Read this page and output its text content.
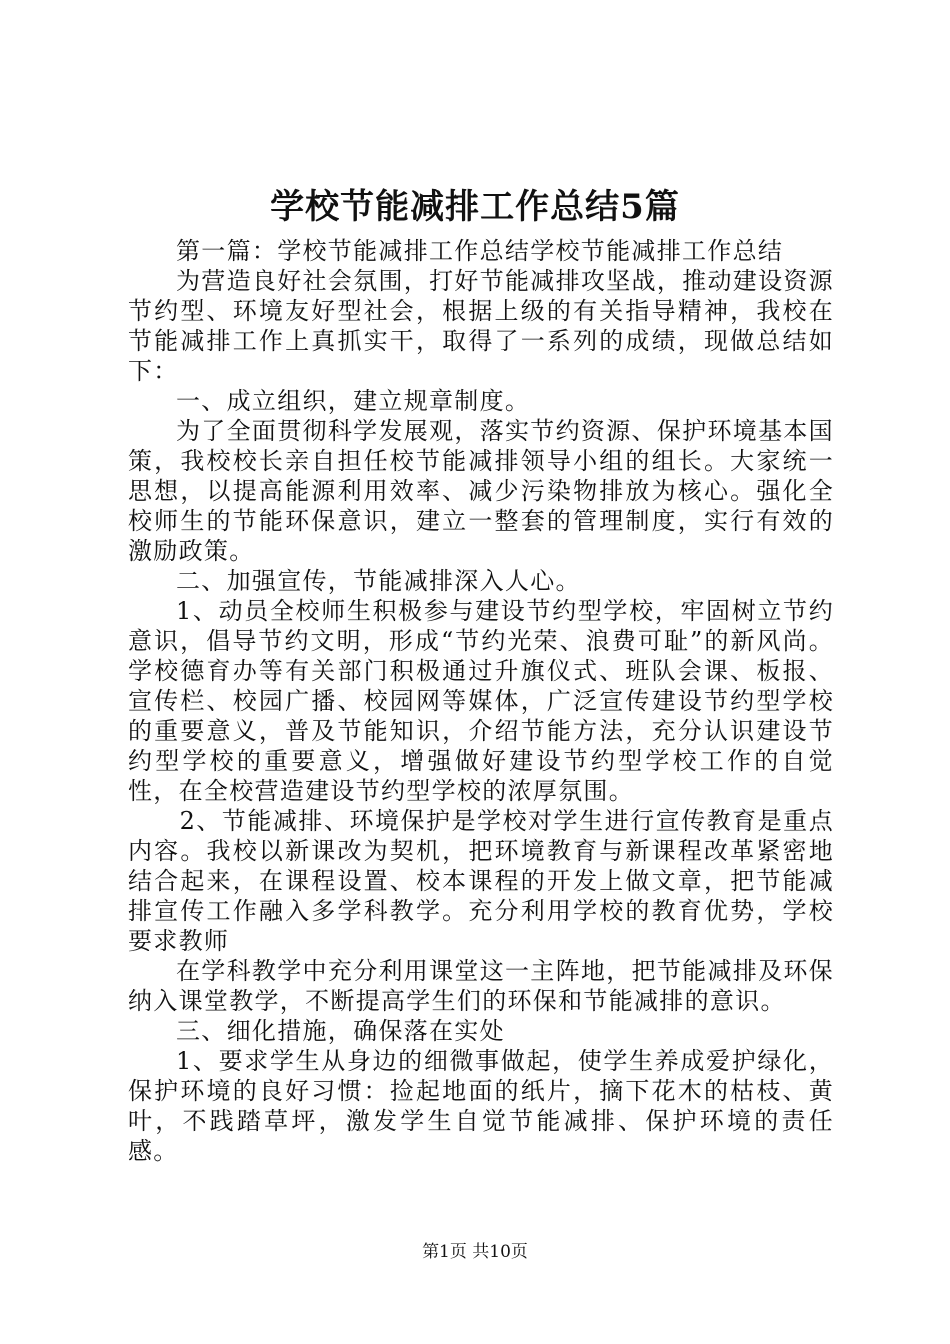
学校节能减排工作总结5篇

第一篇：学校节能减排工作总结学校节能减排工作总结

为营造良好社会氛围，打好节能减排攻坚战，推动建设资源节约型、环境友好型社会，根据上级的有关指导精神，我校在节能减排工作上真抓实干，取得了一系列的成绩，现做总结如下：

一、成立组织，建立规章制度。

为了全面贯彻科学发展观，落实节约资源、保护环境基本国策，我校校长亲自担任校节能减排领导小组的组长。大家统一思想，以提高能源利用效率、减少污染物排放为核心。强化全校师生的节能环保意识，建立一整套的管理制度，实行有效的激励政策。

二、加强宣传，节能减排深入人心。

1、动员全校师生积极参与建设节约型学校，牢固树立节约意识，倡导节约文明，形成“节约光荣、浪费可耻”的新风尚。学校德育办等有关部门积极通过升旗仪式、班队会课、板报、宣传栏、校园广播、校园网等媒体，广泛宣传建设节约型学校的重要意义，普及节能知识，介绍节能方法，充分认识建设节约型学校的重要意义，增强做好建设节约型学校工作的自觉性，在全校营造建设节约型学校的浓厚氛围。

2、节能减排、环境保护是学校对学生进行宣传教育是重点内容。我校以新课改为契机，把环境教育与新课程改革紧密地结合起来，在课程设置、校本课程的开发上做文章，把节能减排宣传工作融入多学科教学。充分利用学校的教育优势，学校要求教师

在学科教学中充分利用课堂这一主阵地，把节能减排及环保纳入课堂教学，不断提高学生们的环保和节能减排的意识。

三、细化措施，确保落在实处

1、要求学生从身边的细微事做起，使学生养成爱护绿化，保护环境的良好习惯：捡起地面的纸片，摘下花木的枯枝、黄叶，不践踏草坪，激发学生自觉节能减排、保护环境的责任感。

第1页 共10页
